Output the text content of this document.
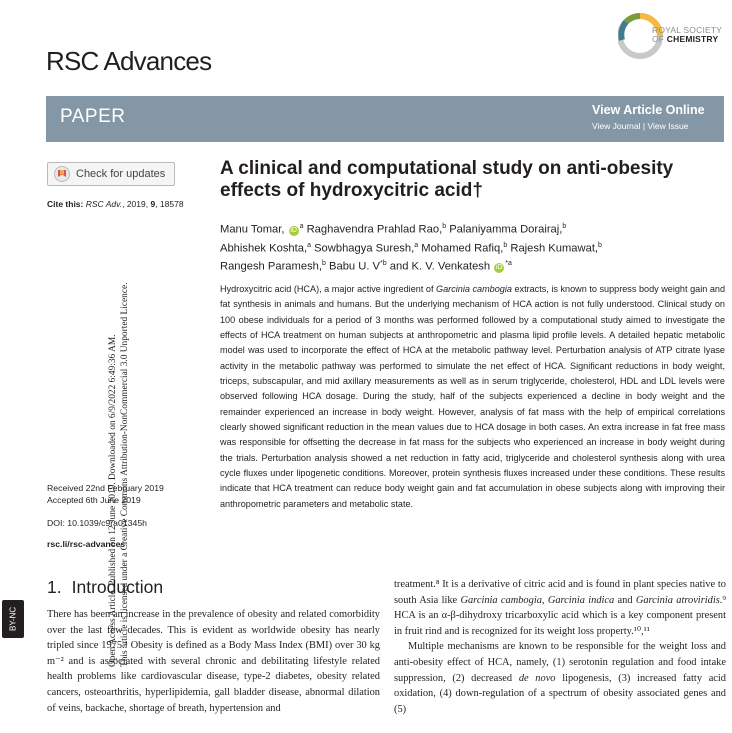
Open Access Article. Published on 12 June 2019. Downloaded on 6/9/2022 6:49:36 AM. This article is licensed under a Creative Commons Attribution-NonCommercial 3.0 Unported Licence.
BY-NC
RSC Advances
ROYAL SOCIETY
OF CHEMISTRY
PAPER	View Article Online
View Journal | View Issue
Check for updates
Cite this: RSC Adv., 2019, 9, 18578
Received 22nd February 2019
Accepted 6th June 2019
DOI: 10.1039/c9ra01345h
rsc.li/rsc-advances
A clinical and computational study on anti-obesity effects of hydroxycitric acid†
Manu Tomar, $iD^a$ Raghavendra Prahlad Rao,$^b$ Palaniyamma Dorairaj,$^b$
Abhishek Koshta,$^a$ Sowbhagya Suresh,$^a$ Mohamed Rafiq,$^b$ Rajesh Kumawat,$^b$
Rangesh Paramesh,$^b$ Babu U. $V^{*b}$ and K. V. Venkatesh $iD^{*a}$
Hydroxycitric acid (HCA), a major active ingredient of Garcinia cambogia extracts, is known to suppress body weight gain and fat synthesis in animals and humans. But the underlying mechanism of HCA action is not fully understood. Clinical study on 100 obese individuals for a period of 3 months was performed followed by a computational study aimed to investigate the effects of HCA treatment on human subjects at anthropometric and plasma lipid profile levels. A detailed hepatic metabolic model was used to incorporate the effect of HCA at the metabolic pathway level. Perturbation analysis of ATP citrate lyase activity in the metabolic pathway was performed to simulate the net effect of HCA. Significant reductions in body weight, triceps, subscapular, and mid axillary measurements as well as in serum triglyceride, cholesterol, HDL and LDL levels were observed following HCA dosage. During the study, half of the subjects experienced a decline in body weight and the remainder experienced an increase in body weight. However, analysis of fat mass with the help of empirical correlations clearly showed significant reduction in the mean values due to HCA dosage in both cases. An extra increase in fat free mass was responsible for offsetting the decrease in fat mass for the subjects who experienced an increase in body weight during the trials. Perturbation analysis showed a net reduction in fatty acid, triglyceride and cholesterol synthesis along with urea cycle fluxes under lipogenetic conditions. Moreover, protein synthesis fluxes increased under these conditions. These results indicate that HCA treatment can reduce body weight gain and fat accumulation in obese subjects along with improving their anthropometric parameters and metabolic state.
1. Introduction
There has been an increase in the prevalence of obesity and related comorbidity over the last few decades. This is evident as worldwide obesity has nearly tripled since 1975.¹ Obesity is defined as a Body Mass Index (BMI) over 30 kg m⁻² and is associated with several chronic and debilitating lifestyle related health problems like cardiovascular disease, type-2 diabetes, obesity related cancers, osteoarthritis, hyperlipidemia, gall bladder disease, abnormal dilation of veins, backache, shortage of breath, hypertension and
treatment.⁸ It is a derivative of citric acid and is found in plant species native to south Asia like Garcinia cambogia, Garcinia indica and Garcinia atroviridis.⁹ HCA is an α-β-dihydroxy tricarboxylic acid which is a key component present in fruit rind and is recognized for its weight loss property.¹⁰,¹¹
Multiple mechanisms are known to be responsible for the weight loss and anti-obesity effect of HCA, namely, (1) serotonin regulation and food intake suppression, (2) decreased de novo lipogenesis, (3) increased fatty acid oxidation, (4) down-regulation of a spectrum of obesity associated genes and (5)
